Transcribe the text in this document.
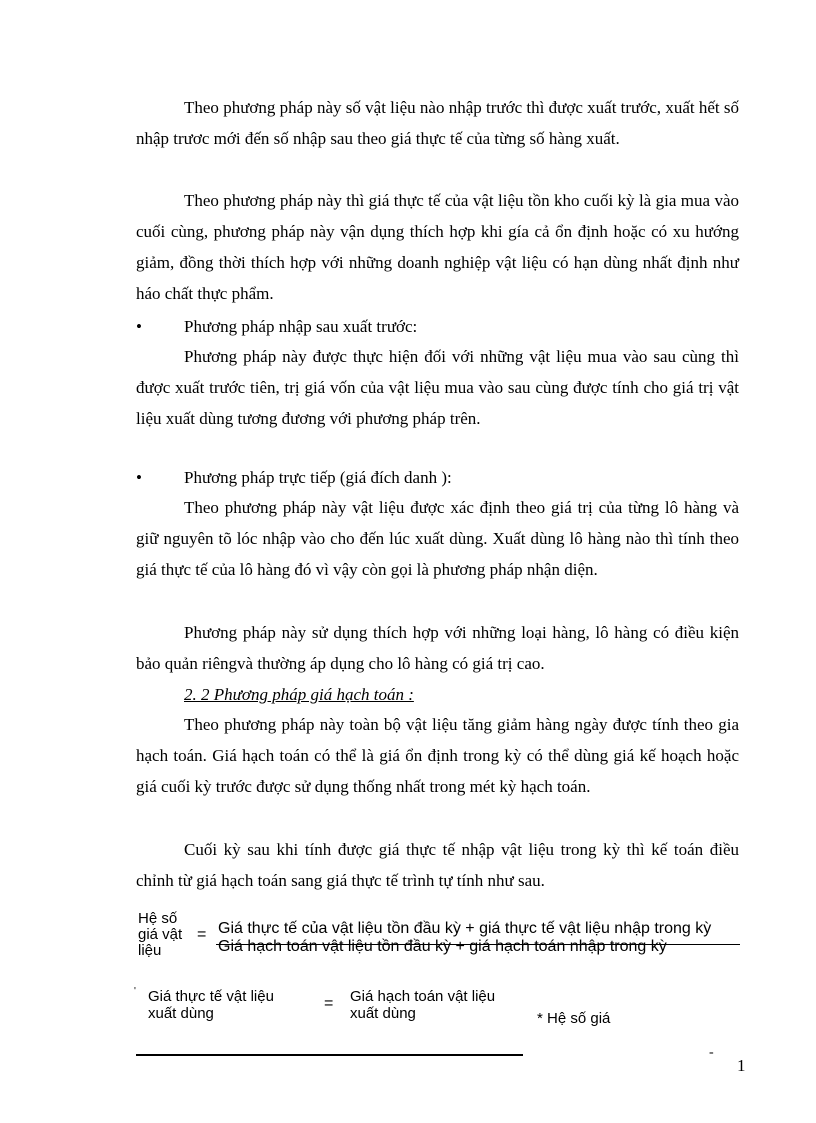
Theo phương pháp này số vật liệu nào nhập trước thì được xuất trước, xuất hết số nhập trươc mới đến số nhập sau theo giá thực tế của từng số hàng xuất.

Theo phương pháp này thì giá thực tế của vật liệu tồn kho cuối kỳ là gia mua vào cuối cùng, phương pháp này vận dụng thích hợp khi gía cả ổn định hoặc có xu hướng giảm, đồng thời thích hợp với những doanh nghiệp vật liệu có hạn dùng nhất định như háo chất thực phẩm.

• Phương pháp nhập sau xuất trước:

Phương pháp này được thực hiện đối với những vật liệu mua vào sau cùng thì được xuất trước tiên, trị giá vốn của vật liệu mua vào sau cùng được tính cho giá trị vật liệu xuất dùng tương đương với phương pháp trên.

• Phương pháp trực tiếp (giá đích danh ):

Theo phương pháp này vật liệu được xác định theo giá trị của từng lô hàng và giữ nguyên tõ lóc nhập vào cho đến lúc xuất dùng. Xuất dùng lô hàng nào thì tính theo giá thực tế của lô hàng đó vì vậy còn gọi là phương pháp nhận diện.

Phương pháp này sử dụng thích hợp với những loại hàng, lô hàng có điều kiện bảo quản riêngvà thường áp dụng cho lô hàng có giá trị cao.

2. 2 Phương pháp giá hạch toán :

Theo phương pháp này toàn bộ vật liệu tăng giảm hàng ngày được tính theo gia hạch toán. Giá hạch toán có thể là giá ổn định trong kỳ có thể dùng giá kế hoạch hoặc giá cuối kỳ trước được sử dụng thống nhất trong mét kỳ hạch toán.

Cuối kỳ sau khi tính được giá thực tế nhập vật liệu trong kỳ thì kế toán điều chỉnh từ giá hạch toán sang giá thực tế trình tự tính như sau.

Hệ số giá vật liệu
= Giá thực tế của vật liệu tồn đầu kỳ + giá thực tế vật liệu nhập trong kỳ
Giá hạch toán vật liệu tồn đầu kỳ + giá hạch toán nhập trong kỳ
' Giá thực tế vật liệu xuất dùng
= Giá hạch toán vật liệu xuất dùng	* Hệ số giá
-
1
